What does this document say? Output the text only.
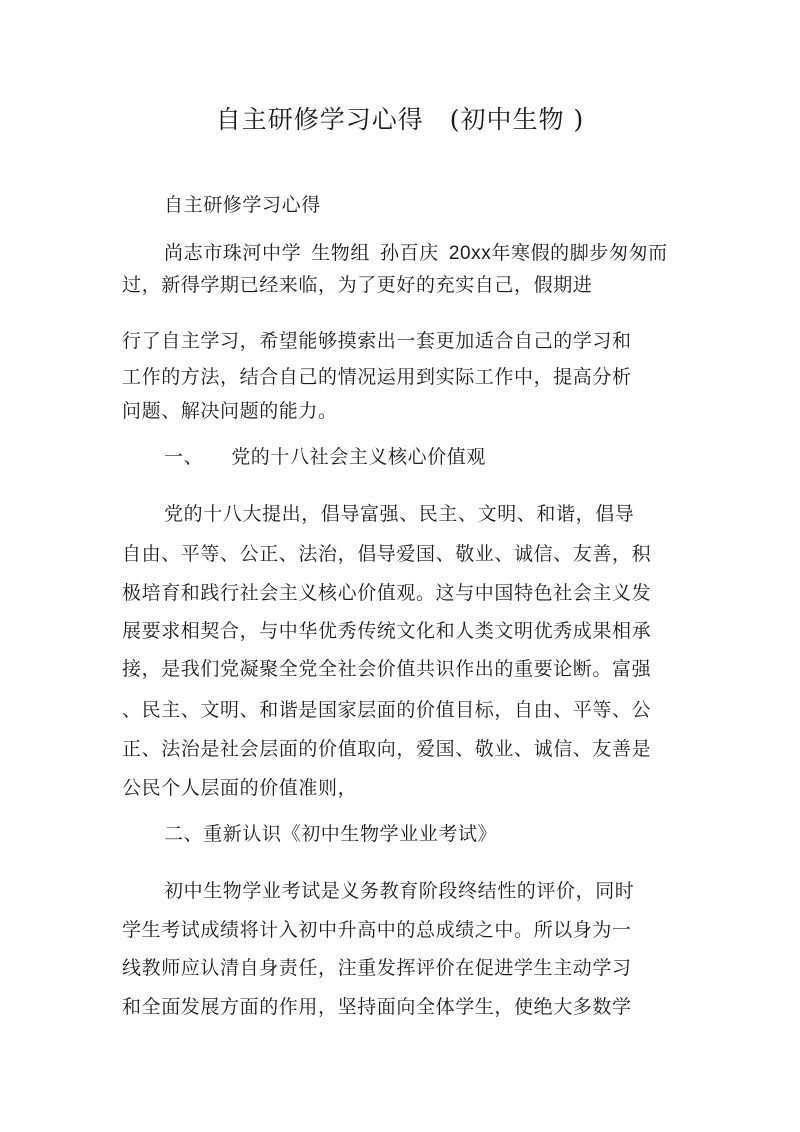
自主研修学习心得 (初中生物 )
自主研修学习心得
尚志市珠河中学 生物组 孙百庆 20xx年寒假的脚步匆匆而
过，新得学期已经来临，为了更好的充实自己，假期进
行了自主学习，希望能够摸索出一套更加适合自己的学习和
工作的方法，结合自己的情况运用到实际工作中，提高分析
问题、解决问题的能力。
一、 党的十八社会主义核心价值观
党的十八大提出，倡导富强、民主、文明、和谐，倡导
自由、平等、公正、法治，倡导爱国、敬业、诚信、友善，积
极培育和践行社会主义核心价值观。这与中国特色社会主义发
展要求相契合，与中华优秀传统文化和人类文明优秀成果相承
接，是我们党凝聚全党全社会价值共识作出的重要论断。富强
、民主、文明、和谐是国家层面的价值目标，自由、平等、公
正、法治是社会层面的价值取向，爱国、敬业、诚信、友善是
公民个人层面的价值准则，
二、重新认识《初中生物学业业考试》
初中生物学业考试是义务教育阶段终结性的评价，同时
学生考试成绩将计入初中升高中的总成绩之中。所以身为一
线教师应认清自身责任，注重发挥评价在促进学生主动学习
和全面发展方面的作用，坚持面向全体学生，使绝大多数学
